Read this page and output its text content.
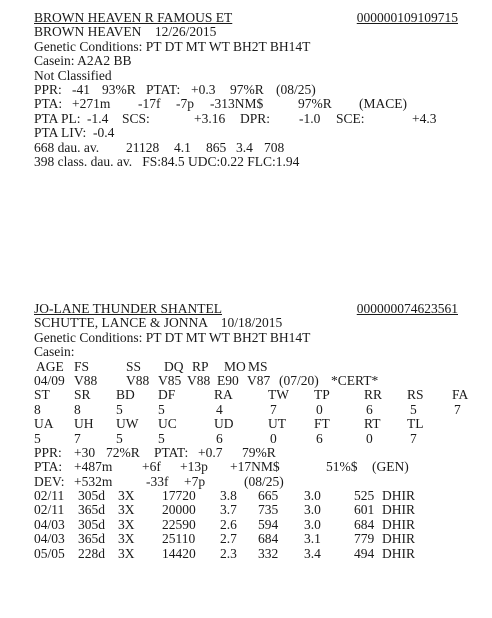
BROWN HEAVEN R FAMOUS ET	000000109109715
BROWN HEAVEN    12/26/2015
Genetic Conditions: PT DT MT WT BH2T BH14T
Casein: A2A2 BB
Not Classified
PPR: -41 93%R PTAT: +0.3 97%R (08/25)
PTA: +271m -17f -7p -313NM$	97%R (MACE)
PTA PL: -1.4 SCS:	+3.16 DPR: -1.0 SCE:	+4.3
PTA LIV:  -0.4
668 dau. av. 21128 4.1 865 3.4 708
398 class. dau. av.   FS:84.5 UDC:0.22 FLC:1.94
JO-LANE THUNDER SHANTEL	000000074623561
SCHUTTE, LANCE & JONNA    10/18/2015
Genetic Conditions: PT DT MT WT BH2T BH14T
Casein:
AGE FS	SS DQ RP MO MS
04/09 V88 V88 V85 V88 E90 V87 (07/20) *CERT*
ST SR BD DF	RA	TW TP	RR RS FA
8 8	5	5	4	7	0	6	5	7
UA UH UW UC	UD	UT FT	RT TL
5 7	5	5	6	0	6	0	7
PPR: +30 72%R PTAT: +0.7 79%R
PTA: +487m +6f +13p +17NM$	51%$ (GEN)
DEV: +532m -33f +7p	(08/25)
02/11 305d 3X 17720 3.8 665 3.0 525 DHIR
02/11 365d 3X 20000 3.7 735 3.0 601 DHIR
04/03 305d 3X 22590 2.6 594 3.0 684 DHIR
04/03 365d 3X 25110 2.7 684 3.1 779 DHIR
05/05 228d 3X 14420 2.3 332 3.4 494 DHIR
